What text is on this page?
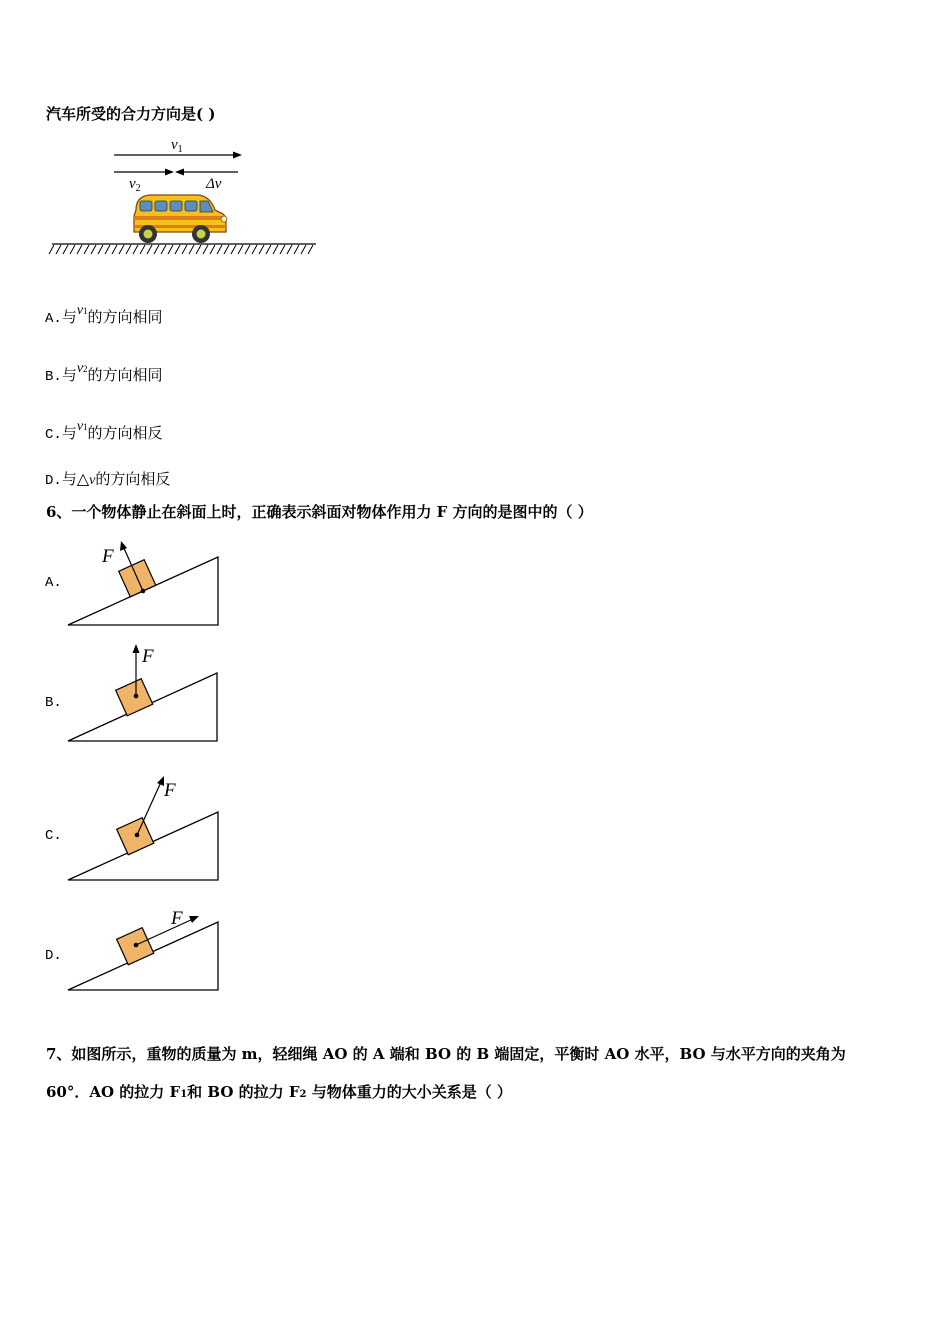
汽车所受的合力方向是( )
$v_1$
$v_2$	Δv
A.与v1的方向相同
B.与v2的方向相同
C.与v1的方向相反
D.与△v的方向相反
6、一个物体静止在斜面上时，正确表示斜面对物体作用力 F 方向的是图中的（ ）
A.
F
B.
F
C.
F
D.
F
7、如图所示，重物的质量为 m，轻细绳 AO 的 A 端和 BO 的 B 端固定，平衡时 AO 水平，BO 与水平方向的夹角为
60°．AO 的拉力 F1和 BO 的拉力 F2 与物体重力的大小关系是（ ）
